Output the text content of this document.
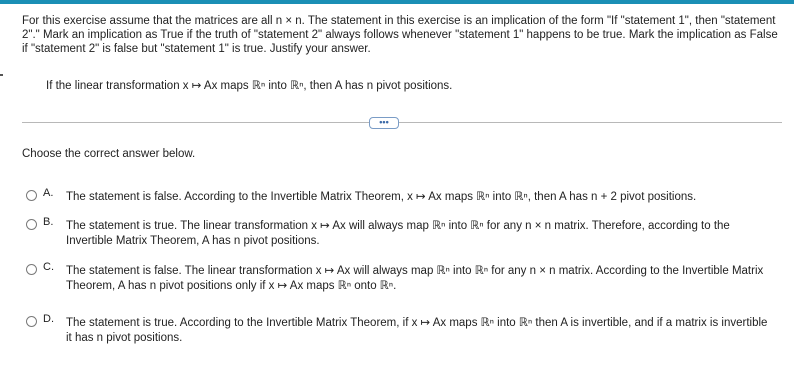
For this exercise assume that the matrices are all n × n. The statement in this exercise is an implication of the form "If "statement 1", then "statement 2"." Mark an implication as True if the truth of "statement 2" always follows whenever "statement 1" happens to be true. Mark the implication as False if "statement 2" is false but "statement 1" is true. Justify your answer.

If the linear transformation x ↦ Ax maps ℝⁿ into ℝⁿ, then A has n pivot positions.

•••

Choose the correct answer below.

A. The statement is false. According to the Invertible Matrix Theorem, x ↦ Ax maps ℝⁿ into ℝⁿ, then A has n + 2 pivot positions.

B. The statement is true. The linear transformation x ↦ Ax will always map ℝⁿ into ℝⁿ for any n × n matrix. Therefore, according to the Invertible Matrix Theorem, A has n pivot positions.

C. The statement is false. The linear transformation x ↦ Ax will always map ℝⁿ into ℝⁿ for any n × n matrix. According to the Invertible Matrix Theorem, A has n pivot positions only if x ↦ Ax maps ℝⁿ onto ℝⁿ.

D. The statement is true. According to the Invertible Matrix Theorem, if x ↦ Ax maps ℝⁿ into ℝⁿ then A is invertible, and if a matrix is invertible it has n pivot positions.
